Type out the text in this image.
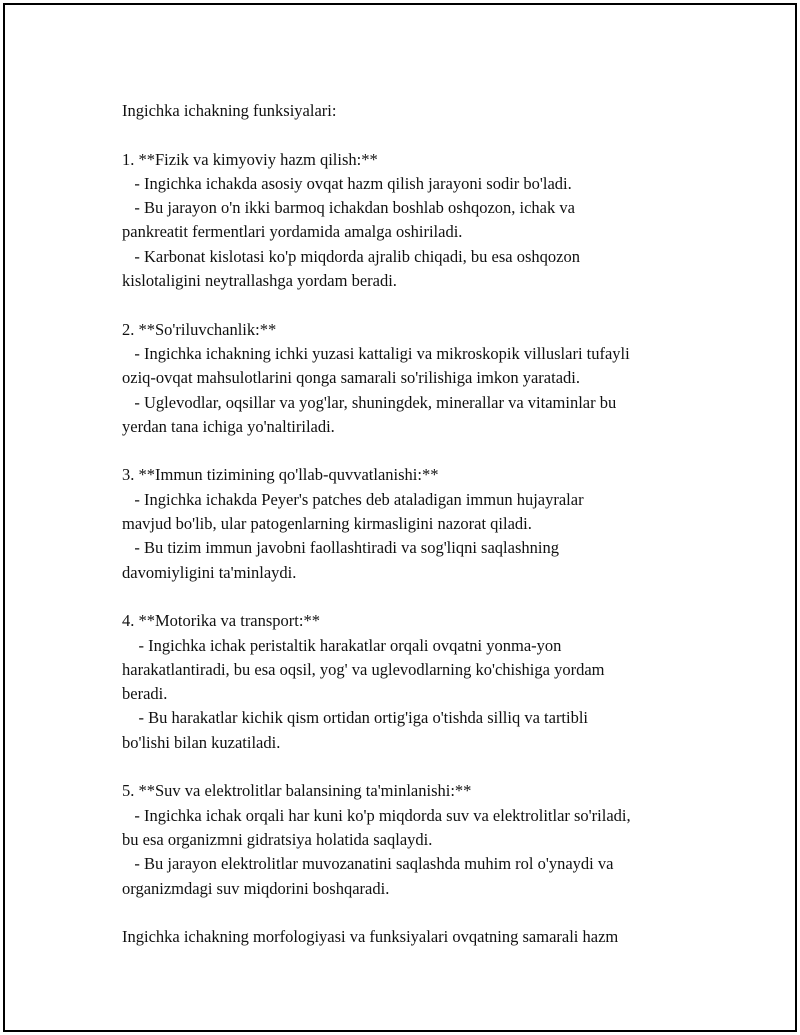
Ingichka ichakning funksiyalari:
1. **Fizik va kimyoviy hazm qilish:**
- Ingichka ichakda asosiy ovqat hazm qilish jarayoni sodir bo'ladi.
- Bu jarayon o'n ikki barmoq ichakdan boshlab oshqozon, ichak va
pankreatit fermentlari yordamida amalga oshiriladi.
- Karbonat kislotasi ko'p miqdorda ajralib chiqadi, bu esa oshqozon
kislotaligini neytrallashga yordam beradi.
2. **So'riluvchanlik:**
- Ingichka ichakning ichki yuzasi kattaligi va mikroskopik villuslari tufayli
oziq-ovqat mahsulotlarini qonga samarali so'rilishiga imkon yaratadi.
- Uglevodlar, oqsillar va yog'lar, shuningdek, minerallar va vitaminlar bu
yerdan tana ichiga yo'naltiriladi.
3. **Immun tizimining qo'llab-quvvatlanishi:**
- Ingichka ichakda Peyer's patches deb ataladigan immun hujayralar
mavjud bo'lib, ular patogenlarning kirmasligini nazorat qiladi.
- Bu tizim immun javobni faollashtiradi va sog'liqni saqlashning
davomiyligini ta'minlaydi.
4. **Motorika va transport:**
- Ingichka ichak peristaltik harakatlar orqali ovqatni yonma-yon
harakatlantiradi, bu esa oqsil, yog' va uglevodlarning ko'chishiga yordam
beradi.
- Bu harakatlar kichik qism ortidan ortig'iga o'tishda silliq va tartibli
bo'lishi bilan kuzatiladi.
5. **Suv va elektrolitlar balansining ta'minlanishi:**
- Ingichka ichak orqali har kuni ko'p miqdorda suv va elektrolitlar so'riladi,
bu esa organizmni gidratsiya holatida saqlaydi.
- Bu jarayon elektrolitlar muvozanatini saqlashda muhim rol o'ynaydi va
organizmdagi suv miqdorini boshqaradi.
Ingichka ichakning morfologiyasi va funksiyalari ovqatning samarali hazm
